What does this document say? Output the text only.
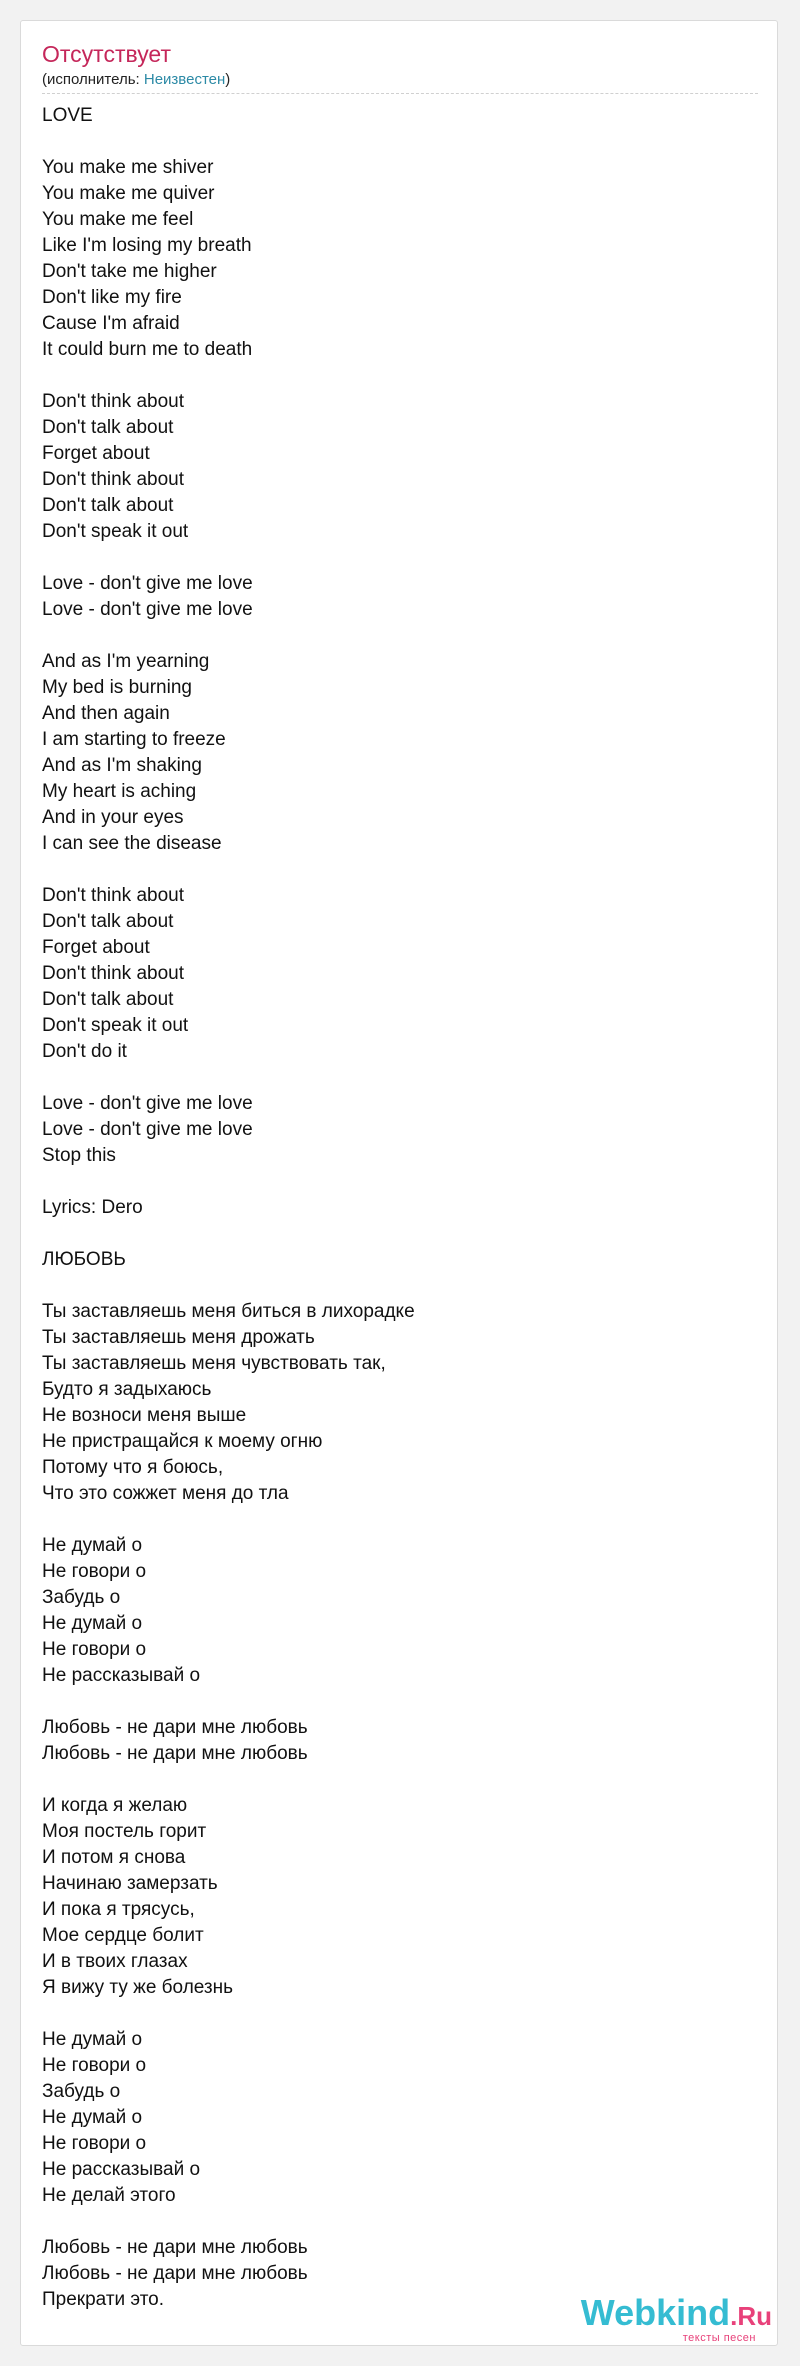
Отсутствует
(исполнитель: Неизвестен)
LOVE
You make me shiver
You make me quiver
You make me feel
Like I'm losing my breath
Don't take me higher
Don't like my fire
Cause I'm afraid
It could burn me to death
Don't think about
Don't talk about
Forget about
Don't think about
Don't talk about
Don't speak it out
Love - don't give me love
Love - don't give me love
And as I'm yearning
My bed is burning
And then again
I am starting to freeze
And as I'm shaking
My heart is aching
And in your eyes
I can see the disease
Don't think about
Don't talk about
Forget about
Don't think about
Don't talk about
Don't speak it out
Don't do it
Love - don't give me love
Love - don't give me love
Stop this
Lyrics: Dero
ЛЮБОВЬ
Ты заставляешь меня биться в лихорадке
Ты заставляешь меня дрожать
Ты заставляешь меня чувствовать так,
Будто я задыхаюсь
Не возноси меня выше
Не пристращайся к моему огню
Потому что я боюсь,
Что это сожжет меня до тла
Не думай о
Не говори о
Забудь о
Не думай о
Не говори о
Не рассказывай о
Любовь - не дари мне любовь
Любовь - не дари мне любовь
И когда я желаю
Моя постель горит
И потом я снова
Начинаю замерзать
И пока я трясусь,
Мое сердце болит
И в твоих глазах
Я вижу ту же болезнь
Не думай о
Не говори о
Забудь о
Не думай о
Не говори о
Не рассказывай о
Не делай этого
Любовь - не дари мне любовь
Любовь - не дари мне любовь
Прекрати это.	Webkind.Ru
тексты песен
